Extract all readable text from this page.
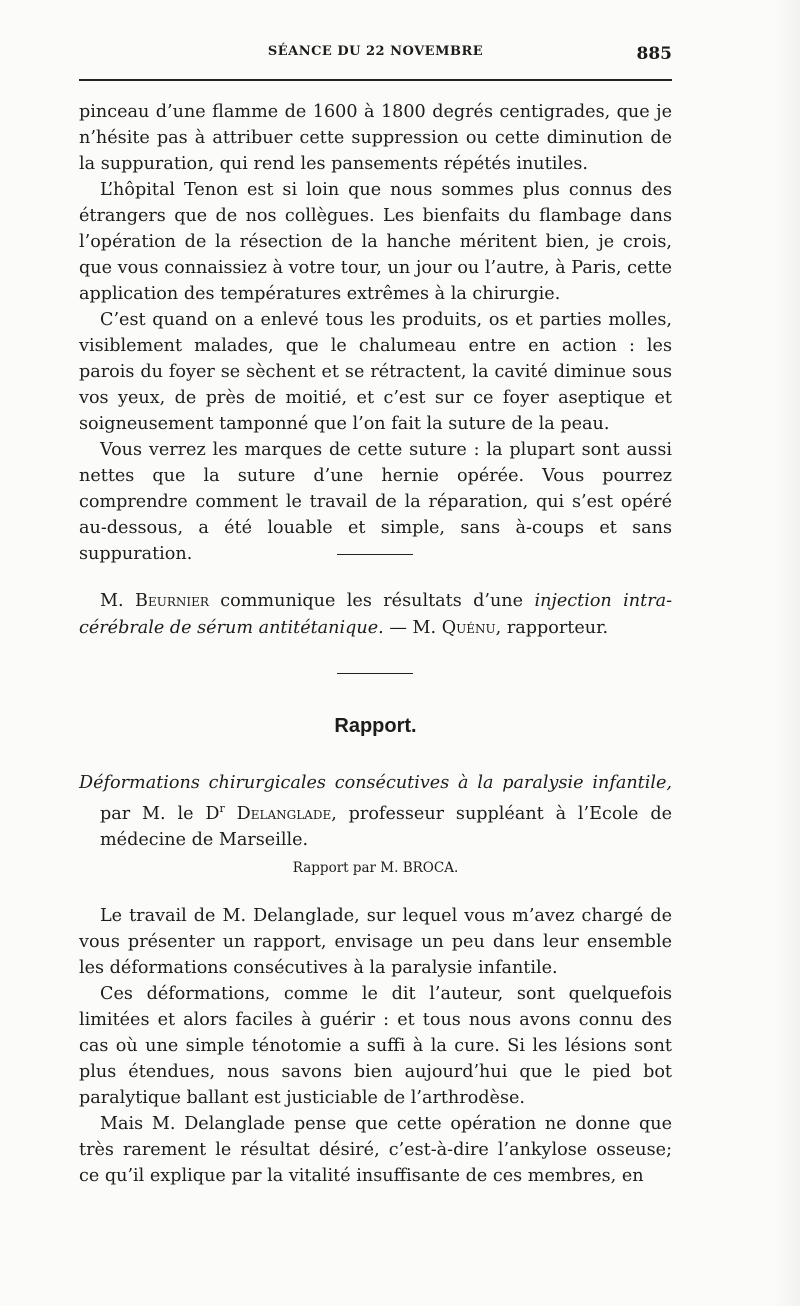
SÉANCE DU 22 NOVEMBRE	885

pinceau d’une flamme de 1600 à 1800 degrés centigrades, que je n’hésite pas à attribuer cette suppression ou cette diminution de la suppuration, qui rend les pansements répétés inutiles.

L’hôpital Tenon est si loin que nous sommes plus connus des étrangers que de nos collègues. Les bienfaits du flambage dans l’opération de la résection de la hanche méritent bien, je crois, que vous connaissiez à votre tour, un jour ou l’autre, à Paris, cette application des températures extrêmes à la chirurgie.

C’est quand on a enlevé tous les produits, os et parties molles, visiblement malades, que le chalumeau entre en action : les parois du foyer se sèchent et se rétractent, la cavité diminue sous vos yeux, de près de moitié, et c’est sur ce foyer aseptique et soigneusement tamponné que l’on fait la suture de la peau.

Vous verrez les marques de cette suture : la plupart sont aussi nettes que la suture d’une hernie opérée. Vous pourrez comprendre comment le travail de la réparation, qui s’est opéré au-dessous, a été louable et simple, sans à-coups et sans suppuration.

M. Beurnier communique les résultats d’une injection intra-cérébrale de sérum antitétanique. — M. Quénu, rapporteur.
Rapport.
Déformations chirurgicales consécutives à la paralysie infantile,
par M. le $D^r$ Delanglade, professeur suppléant à l’Ecole de médecine de Marseille.
Rapport par M. BROCA.

Le travail de M. Delanglade, sur lequel vous m’avez chargé de vous présenter un rapport, envisage un peu dans leur ensemble les déformations consécutives à la paralysie infantile.

Ces déformations, comme le dit l’auteur, sont quelquefois limitées et alors faciles à guérir : et tous nous avons connu des cas où une simple ténotomie a suffi à la cure. Si les lésions sont plus étendues, nous savons bien aujourd’hui que le pied bot paralytique ballant est justiciable de l’arthrodèse.

Mais M. Delanglade pense que cette opération ne donne que très rarement le résultat désiré, c’est-à-dire l’ankylose osseuse; ce qu’il explique par la vitalité insuffisante de ces membres, en
